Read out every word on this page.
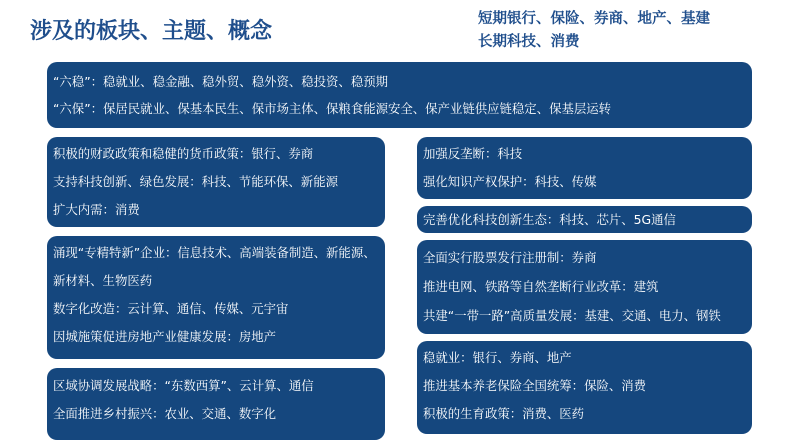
涉及的板块、主题、概念	短期银行、保险、券商、地产、基建
长期科技、消费
“六稳”：稳就业、稳金融、稳外贸、稳外资、稳投资、稳预期
“六保”：保居民就业、保基本民生、保市场主体、保粮食能源安全、保产业链供应链稳定、保基层运转
积极的财政政策和稳健的货币政策：银行、券商
支持科技创新、绿色发展：科技、节能环保、新能源
扩大内需：消费
涌现“专精特新”企业：信息技术、高端装备制造、新能源、新材料、生物医药
数字化改造：云计算、通信、传媒、元宇宙
因城施策促进房地产业健康发展：房地产
区域协调发展战略：“东数西算”、云计算、通信
全面推进乡村振兴：农业、交通、数字化
加强反垄断：科技
强化知识产权保护：科技、传媒
完善优化科技创新生态：科技、芯片、5G通信
全面实行股票发行注册制：券商
推进电网、铁路等自然垄断行业改革：建筑
共建“一带一路”高质量发展：基建、交通、电力、钢铁
稳就业：银行、券商、地产
推进基本养老保险全国统筹：保险、消费
积极的生育政策：消费、医药
